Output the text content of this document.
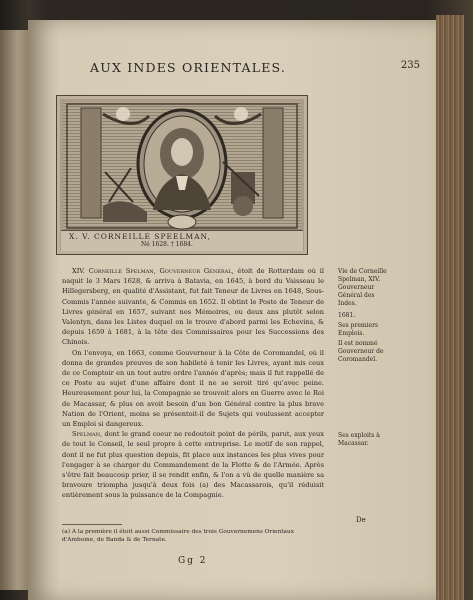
AUX INDES ORIENTALES.	235
X. V. CORNEILLE SPEELMAN,
Né 1628. † 1684.

XIV. Corneille Spelman, Gouverneur Général, étoit de Rotterdam où il naquit le 3 Mars 1628, & arriva à Batavia, en 1645, à bord du Vaisseau le Hillegersberg, en qualité d'Assistant, fut fait Teneur de Livres en 1648, Sous-Commis l'année suivante, & Commis en 1652. Il obtint le Poste de Teneur de Livres général en 1657, suivant nos Mémoires, ou deux ans plutôt selon Valentyn, dans les Listes duquel on le trouve d'abord parmi les Echevins, & depuis 1659 à 1681, à la tête des Commissaires pour les Successions des Chinois.

On l'envoya, en 1663, comme Gouverneur à la Côte de Coromandel, où il donna de grandes preuves de son habileté à tenir les Livres, ayant mis ceux de ce Comptoir en un tout autre ordre l'année d'après; mais il fut rappellé de ce Poste au sujet d'une affaire dont il ne se seroit tiré qu'avec peine. Heureusement pour lui, la Compagnie se trouvoit alors en Guerre avec le Roi de Macassar, & plus on avoit besoin d'un bon Général contre la plus brave Nation de l'Orient, moins se présentoit-il de Sujets qui voulussent accepter un Emploi si dangereux.

Spelman, dont le grand coeur ne redoutoit point de périls, parut, aux yeux de tout le Conseil, le seul propre à cette entreprise. Le motif de son rappel, dont il ne fut plus question depuis, fit place aux instances les plus vives pour l'engager à se charger du Commandement de la Flotte & de l'Armée. Après s'être fait beaucoup prier, il se rendit enfin, & l'on a vû de quelle manière sa bravoure triompha jusqu'à deux fois (a) des Macassarois, qu'il réduisit entièrement sous la puissance de la Compagnie.

Vie de Corneille Spelman, XIV. Gouverneur Général des Indes.
1681.
Ses premiers Emplois.
Il est nommé Gouverneur de Coromandel.
Ses exploits à Macassar.
De
(a) A la première il étoit aussi Commissaire des trois Gouvernemens Orientaux d'Amboine, de Banda & de Ternate.
Gg 2
